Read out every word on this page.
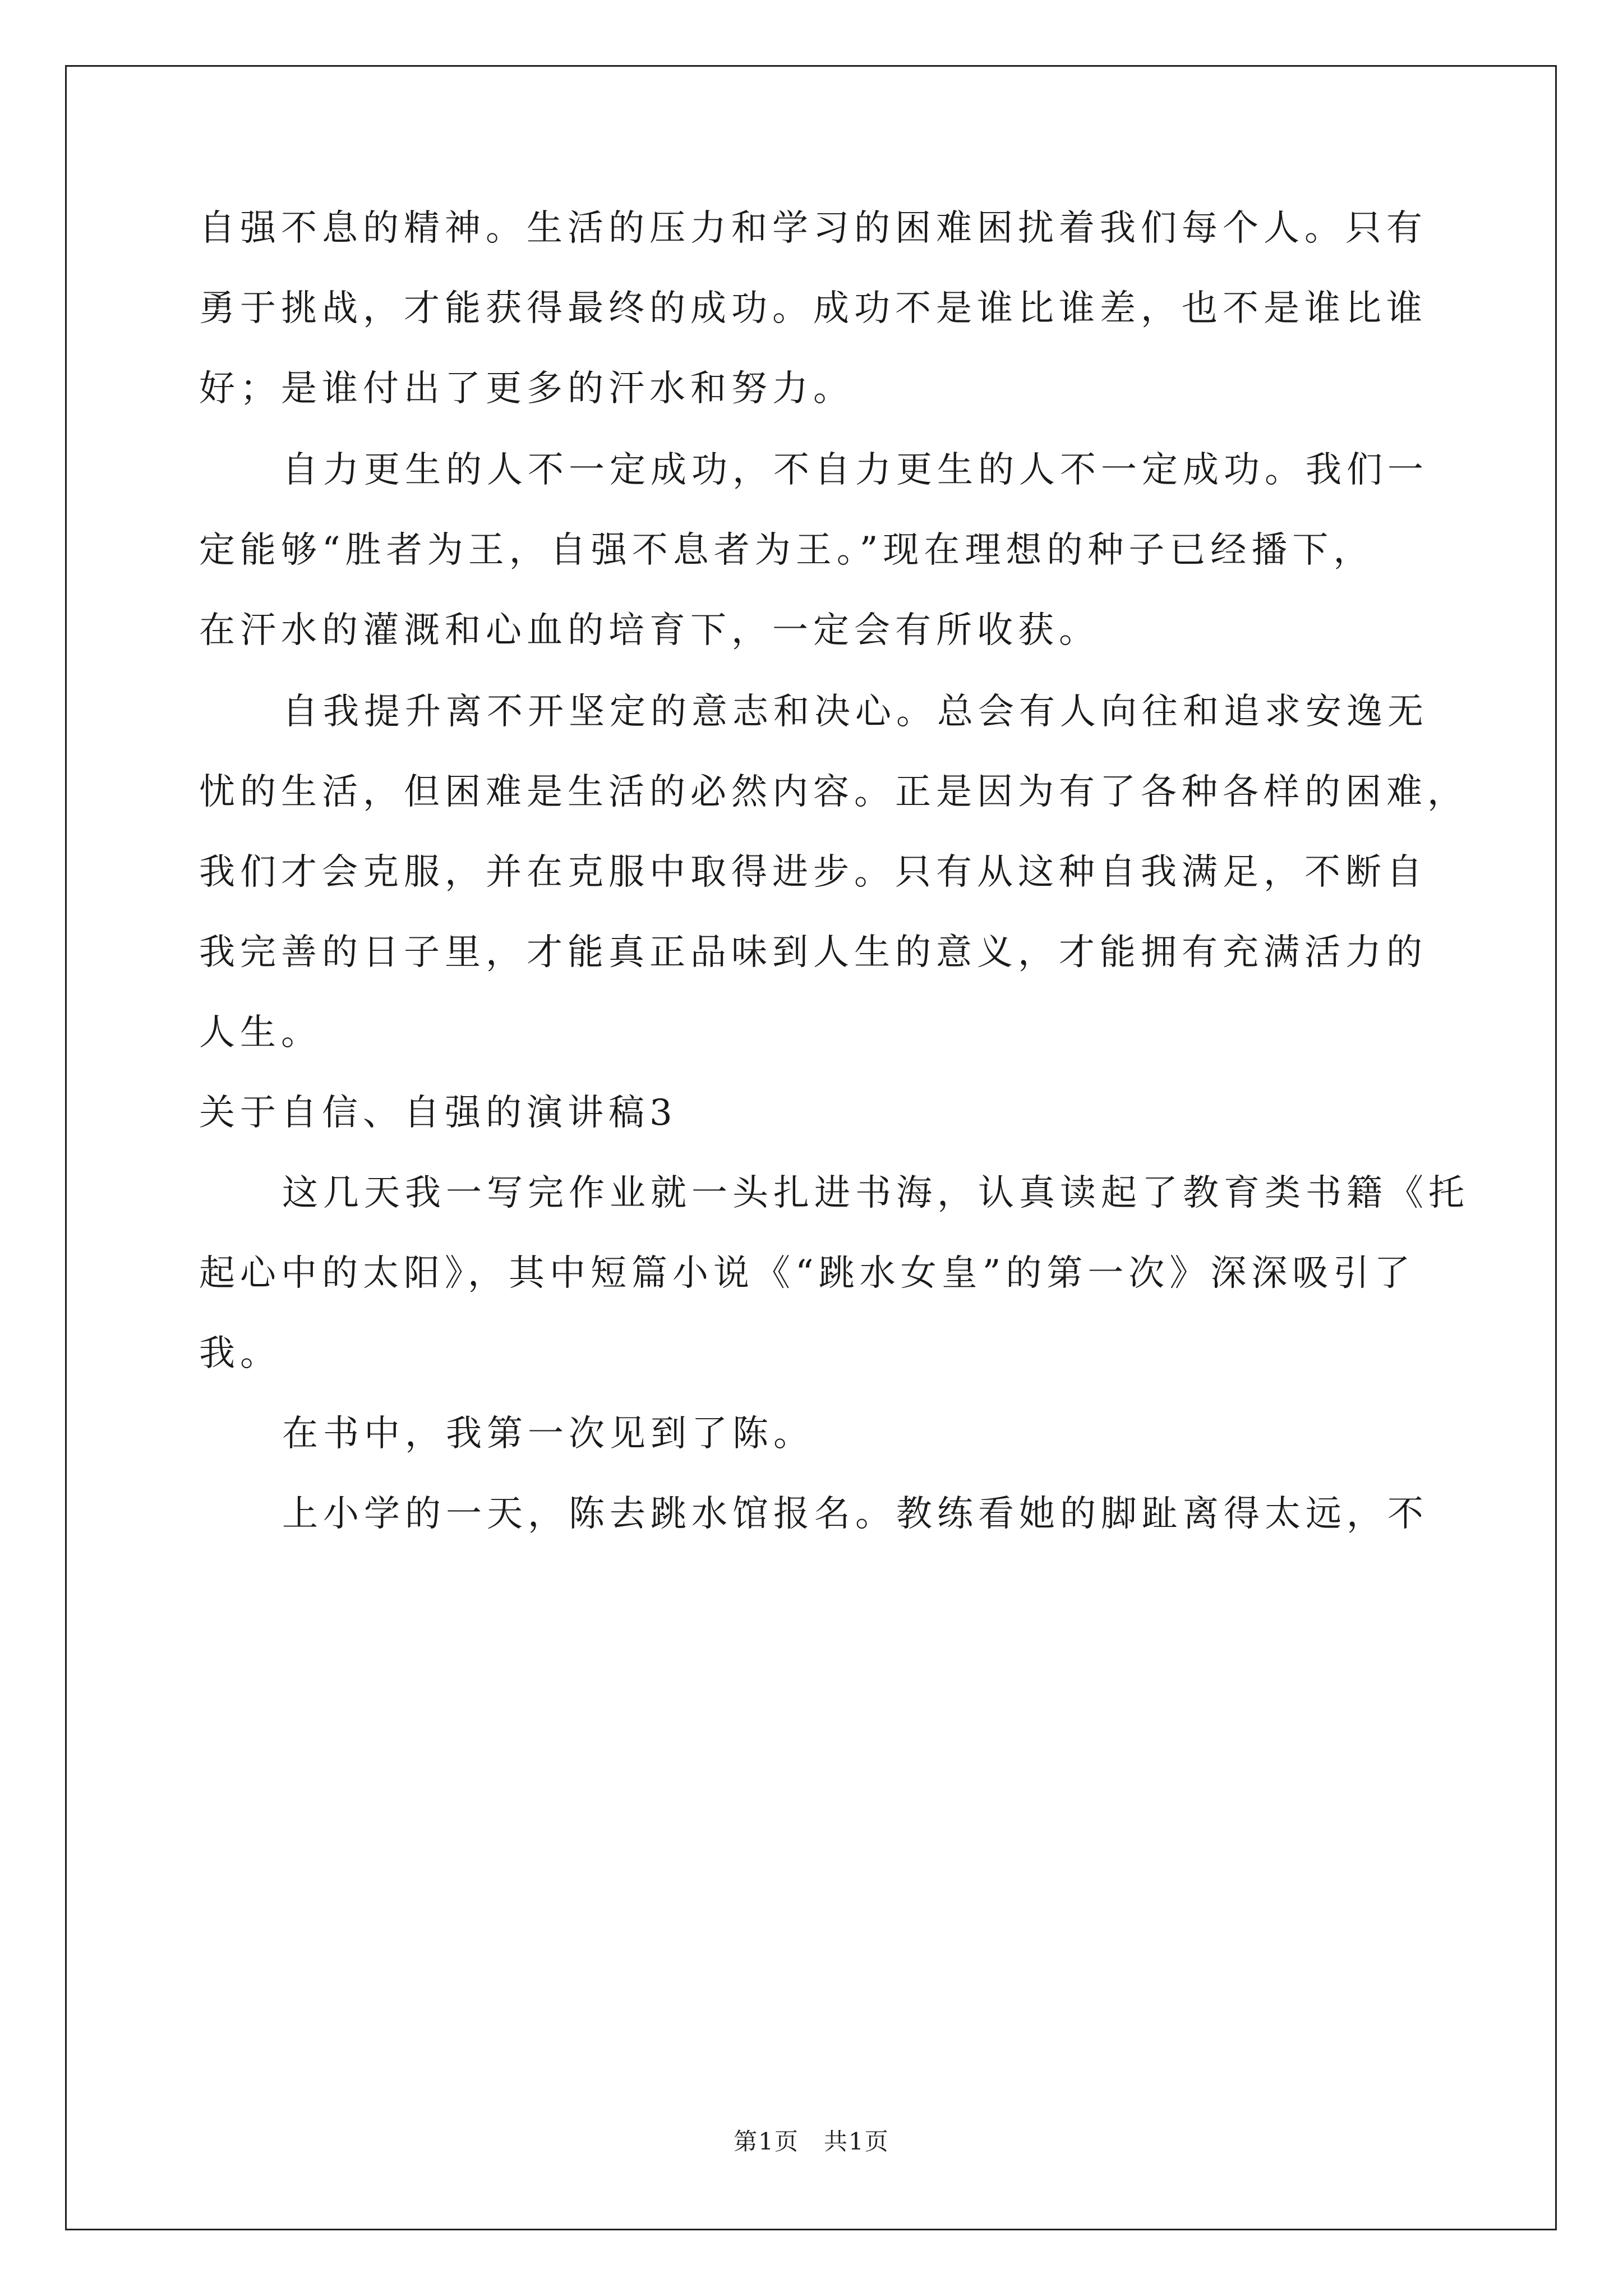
自强不息的精神。生活的压力和学习的困难困扰着我们每个人。只有
勇于挑战，才能获得最终的成功。成功不是谁比谁差，也不是谁比谁
好；是谁付出了更多的汗水和努力。
自力更生的人不一定成功，不自力更生的人不一定成功。我们一
定能够“胜者为王，自强不息者为王。”现在理想的种子已经播下，
在汗水的灌溉和心血的培育下，一定会有所收获。
自我提升离不开坚定的意志和决心。总会有人向往和追求安逸无
忧的生活，但困难是生活的必然内容。正是因为有了各种各样的困难，
我们才会克服，并在克服中取得进步。只有从这种自我满足，不断自
我完善的日子里，才能真正品味到人生的意义，才能拥有充满活力的
人生。
关于自信、自强的演讲稿3
这几天我一写完作业就一头扎进书海，认真读起了教育类书籍《托
起心中的太阳》，其中短篇小说《“跳水女皇”的第一次》深深吸引了
我。
在书中，我第一次见到了陈。
上小学的一天，陈去跳水馆报名。教练看她的脚趾离得太远，不
第1页　共1页
